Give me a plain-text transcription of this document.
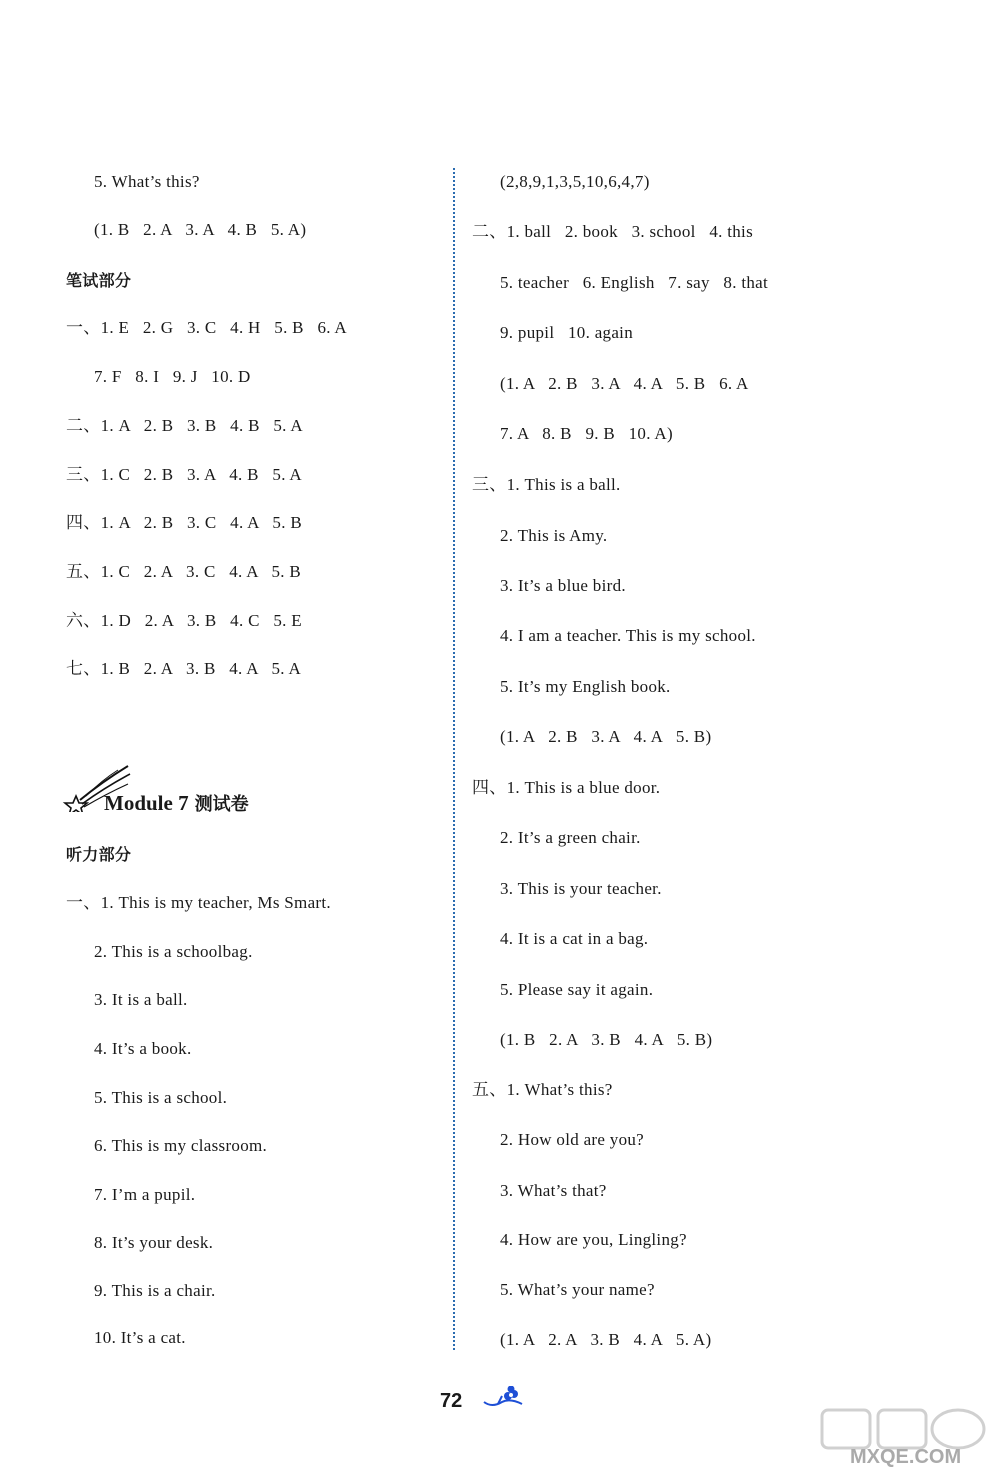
5. What’s this?
(1. B   2. A   3. A   4. B   5. A)
笔试部分
一、1. E   2. G   3. C   4. H   5. B   6. A
7. F   8. I   9. J   10. D
二、1. A   2. B   3. B   4. B   5. A
三、1. C   2. B   3. A   4. B   5. A
四、1. A   2. B   3. C   4. A   5. B
五、1. C   2. A   3. C   4. A   5. B
六、1. D   2. A   3. B   4. C   5. E
七、1. B   2. A   3. B   4. A   5. A
Module 7 测试卷
听力部分
一、1. This is my teacher, Ms Smart.
2. This is a schoolbag.
3. It is a ball.
4. It’s a book.
5. This is a school.
6. This is my classroom.
7. I’m a pupil.
8. It’s your desk.
9. This is a chair.
10. It’s a cat.
(2,8,9,1,3,5,10,6,4,7)
二、1. ball   2. book   3. school   4. this
5. teacher   6. English   7. say   8. that
9. pupil   10. again
(1. A   2. B   3. A   4. A   5. B   6. A
7. A   8. B   9. B   10. A)
三、1. This is a ball.
2. This is Amy.
3. It’s a blue bird.
4. I am a teacher. This is my school.
5. It’s my English book.
(1. A   2. B   3. A   4. A   5. B)
四、1. This is a blue door.
2. It’s a green chair.
3. This is your teacher.
4. It is a cat in a bag.
5. Please say it again.
(1. B   2. A   3. B   4. A   5. B)
五、1. What’s this?
2. How old are you?
3. What’s that?
4. How are you, Lingling?
5. What’s your name?
(1. A   2. A   3. B   4. A   5. A)
72
MXQE.COM
